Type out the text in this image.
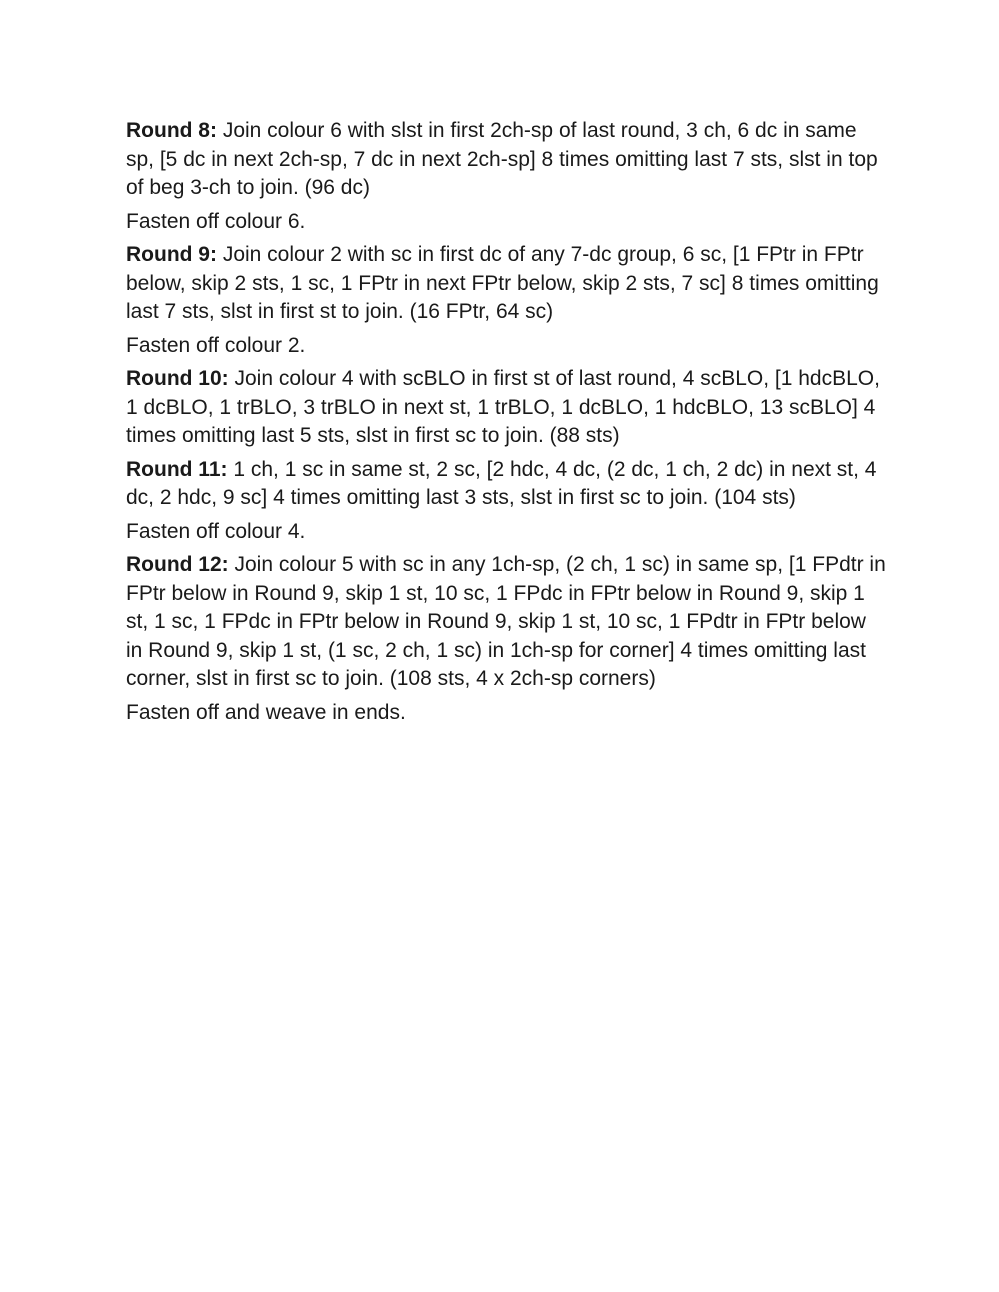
Round 8: Join colour 6 with slst in first 2ch-sp of last round, 3 ch, 6 dc in same sp, [5 dc in next 2ch-sp, 7 dc in next 2ch-sp] 8 times omitting last 7 sts, slst in top of beg 3-ch to join. (96 dc)

Fasten off colour 6.

Round 9: Join colour 2 with sc in first dc of any 7-dc group, 6 sc, [1 FPtr in FPtr below, skip 2 sts, 1 sc, 1 FPtr in next FPtr below, skip 2 sts, 7 sc] 8 times omitting last 7 sts, slst in first st to join. (16 FPtr, 64 sc)

Fasten off colour 2.

Round 10: Join colour 4 with scBLO in first st of last round, 4 scBLO, [1 hdcBLO, 1 dcBLO, 1 trBLO, 3 trBLO in next st, 1 trBLO, 1 dcBLO, 1 hdcBLO, 13 scBLO] 4 times omitting last 5 sts, slst in first sc to join. (88 sts)

Round 11: 1 ch, 1 sc in same st, 2 sc, [2 hdc, 4 dc, (2 dc, 1 ch, 2 dc) in next st, 4 dc, 2 hdc, 9 sc] 4 times omitting last 3 sts, slst in first sc to join. (104 sts)

Fasten off colour 4.

Round 12: Join colour 5 with sc in any 1ch-sp, (2 ch, 1 sc) in same sp, [1 FPdtr in FPtr below in Round 9, skip 1 st, 10 sc, 1 FPdc in FPtr below in Round 9, skip 1 st, 1 sc, 1 FPdc in FPtr below in Round 9, skip 1 st, 10 sc, 1 FPdtr in FPtr below in Round 9, skip 1 st, (1 sc, 2 ch, 1 sc) in 1ch-sp for corner] 4 times omitting last corner, slst in first sc to join. (108 sts, 4 x 2ch-sp corners)

Fasten off and weave in ends.
